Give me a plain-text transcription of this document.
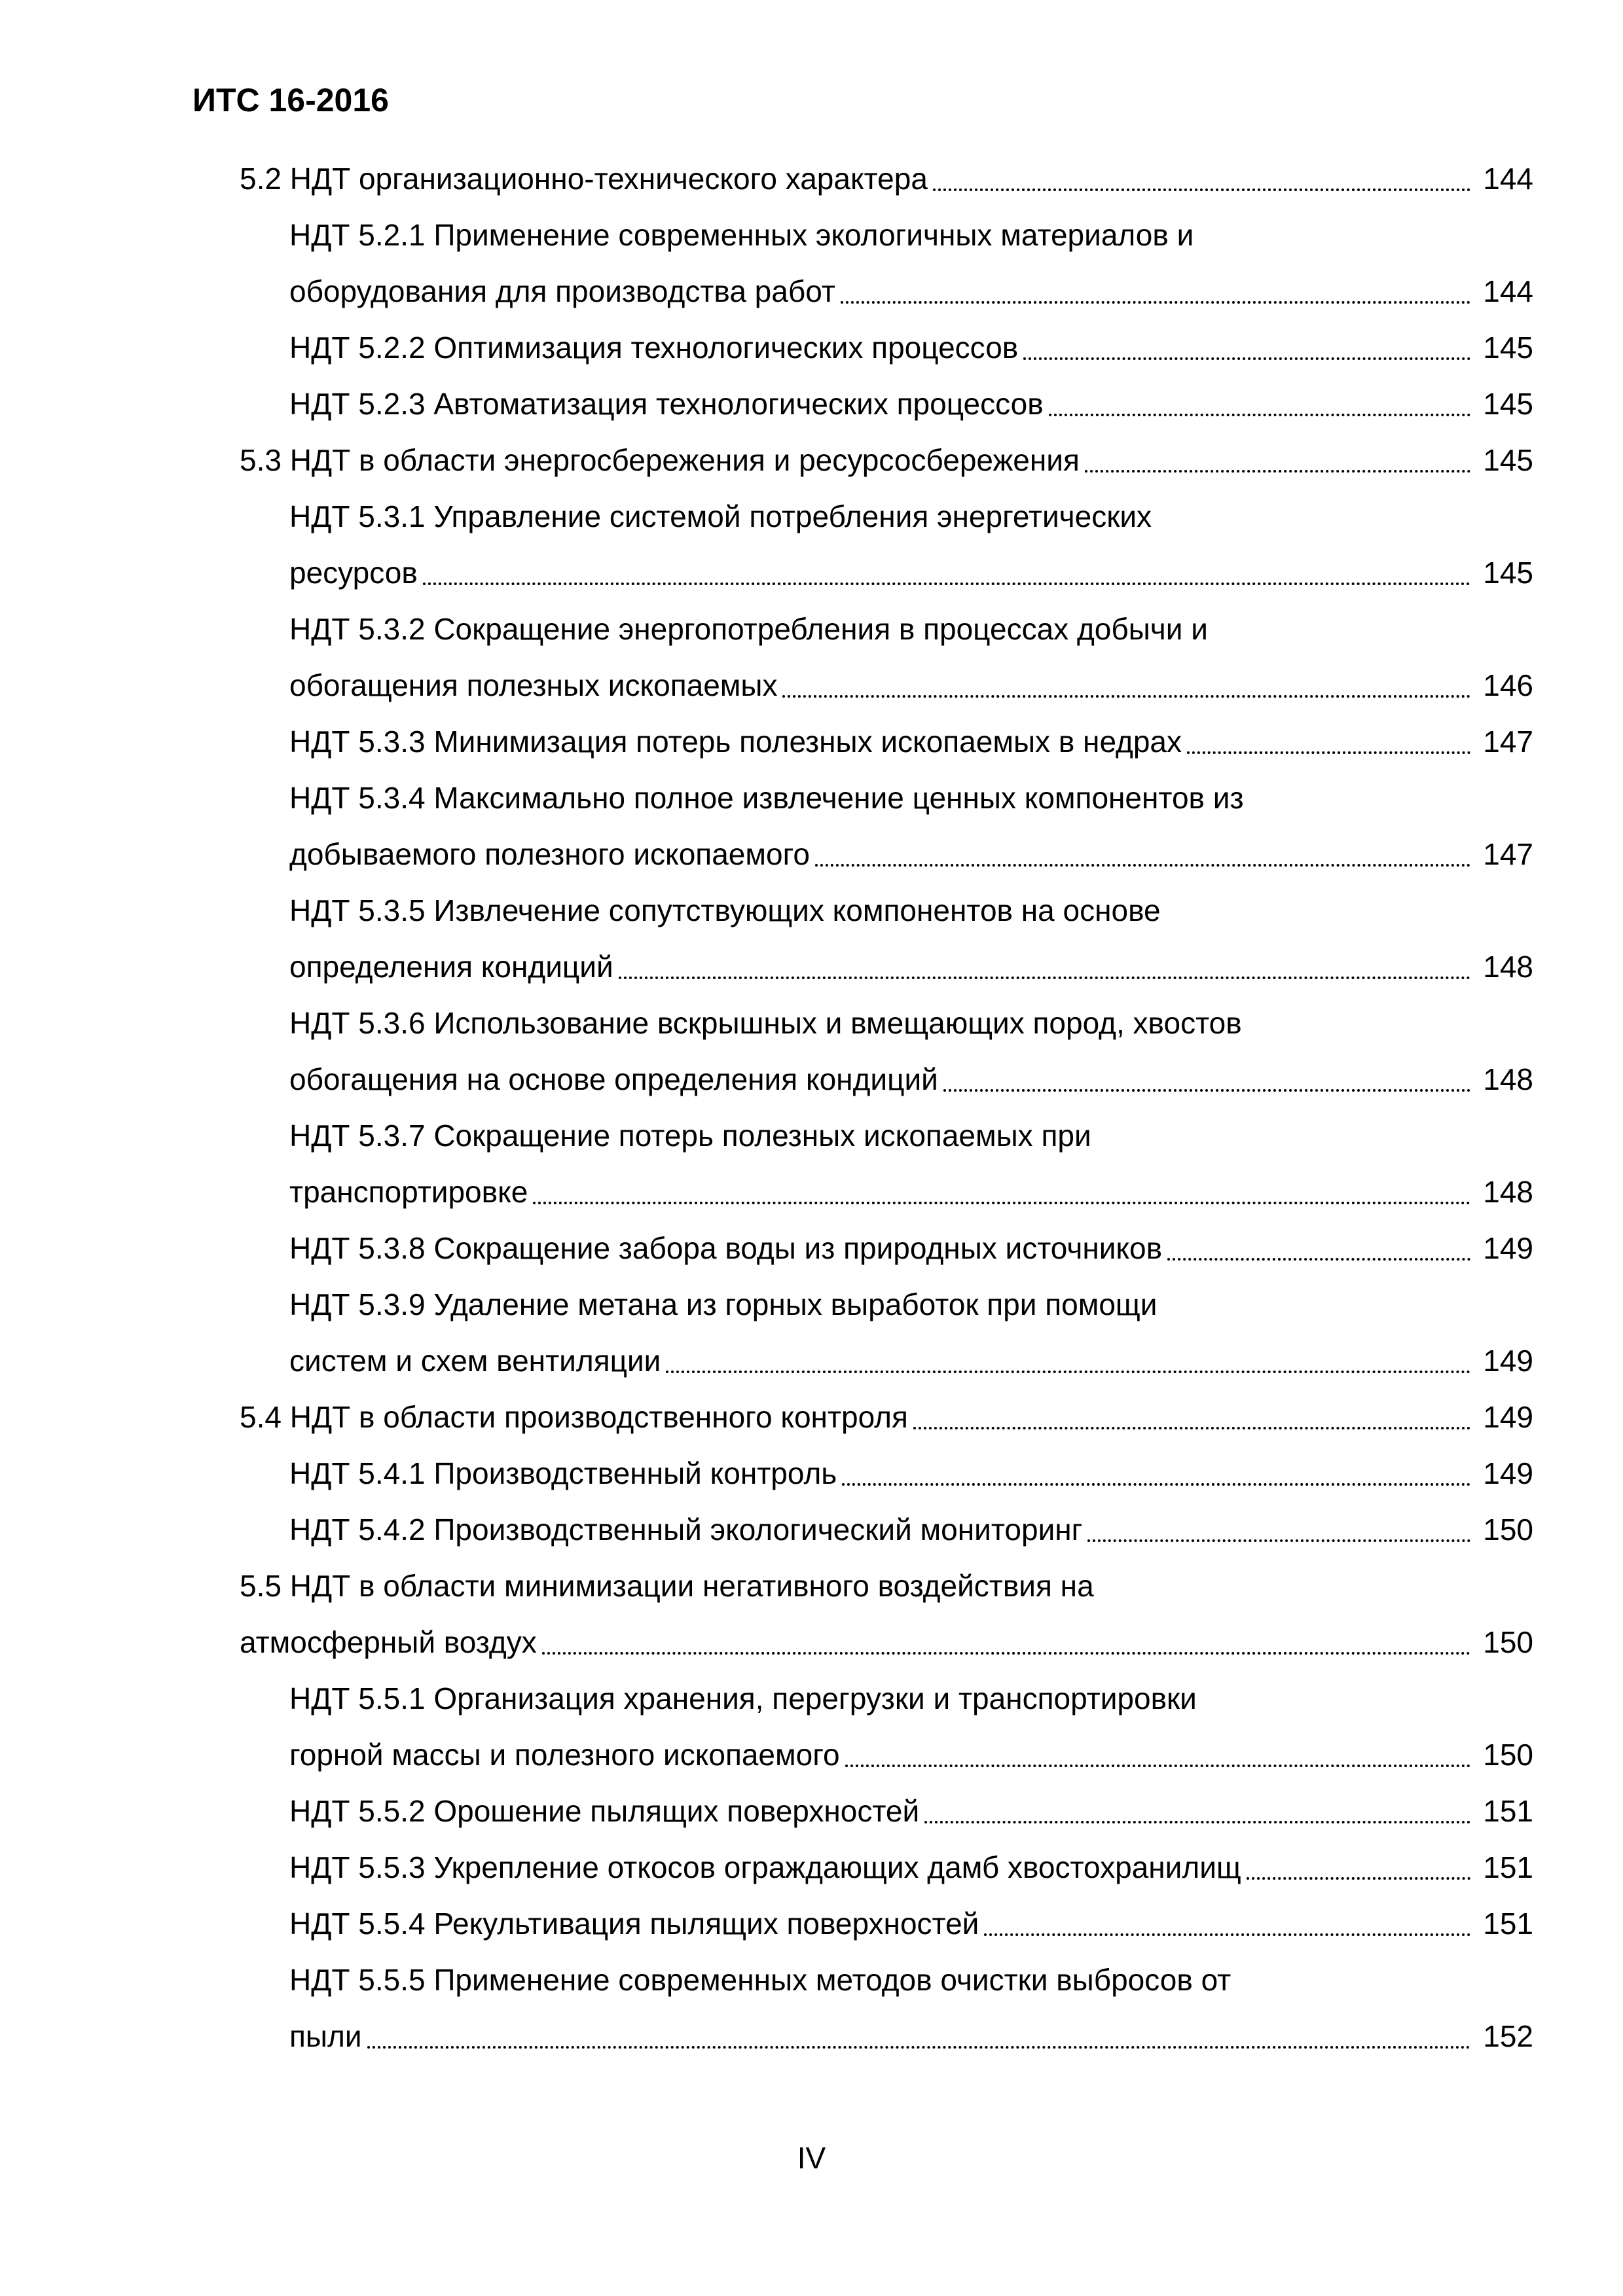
ИТС 16-2016
5.2 НДТ организационно-технического характера	144
НДТ 5.2.1 Применение современных экологичных материалов и
оборудования для производства работ	144
НДТ 5.2.2 Оптимизация технологических процессов	145
НДТ 5.2.3 Автоматизация технологических процессов	145
5.3 НДТ в области энергосбережения и ресурсосбережения	145
НДТ 5.3.1 Управление системой потребления энергетических
ресурсов	145
НДТ 5.3.2 Сокращение энергопотребления в процессах добычи и
обогащения полезных ископаемых	146
НДТ 5.3.3 Минимизация потерь полезных ископаемых в недрах	147
НДТ 5.3.4 Максимально полное извлечение ценных компонентов из
добываемого полезного ископаемого	147
НДТ 5.3.5 Извлечение сопутствующих компонентов на основе
определения кондиций	148
НДТ 5.3.6 Использование вскрышных и вмещающих пород, хвостов
обогащения на основе определения кондиций	148
НДТ 5.3.7 Сокращение потерь полезных ископаемых при
транспортировке	148
НДТ 5.3.8 Сокращение забора воды из природных источников	149
НДТ 5.3.9 Удаление метана из горных выработок при помощи
систем и схем вентиляции	149
5.4 НДТ в области производственного контроля	149
НДТ 5.4.1 Производственный контроль	149
НДТ 5.4.2 Производственный экологический мониторинг	150
5.5 НДТ в области минимизации негативного воздействия на
атмосферный воздух	150
НДТ 5.5.1 Организация хранения, перегрузки и транспортировки
горной массы и полезного ископаемого	150
НДТ 5.5.2 Орошение пылящих поверхностей	151
НДТ 5.5.3 Укрепление откосов ограждающих дамб хвостохранилищ	151
НДТ 5.5.4 Рекультивация пылящих поверхностей	151
НДТ 5.5.5 Применение современных методов очистки выбросов от
пыли	152
IV
